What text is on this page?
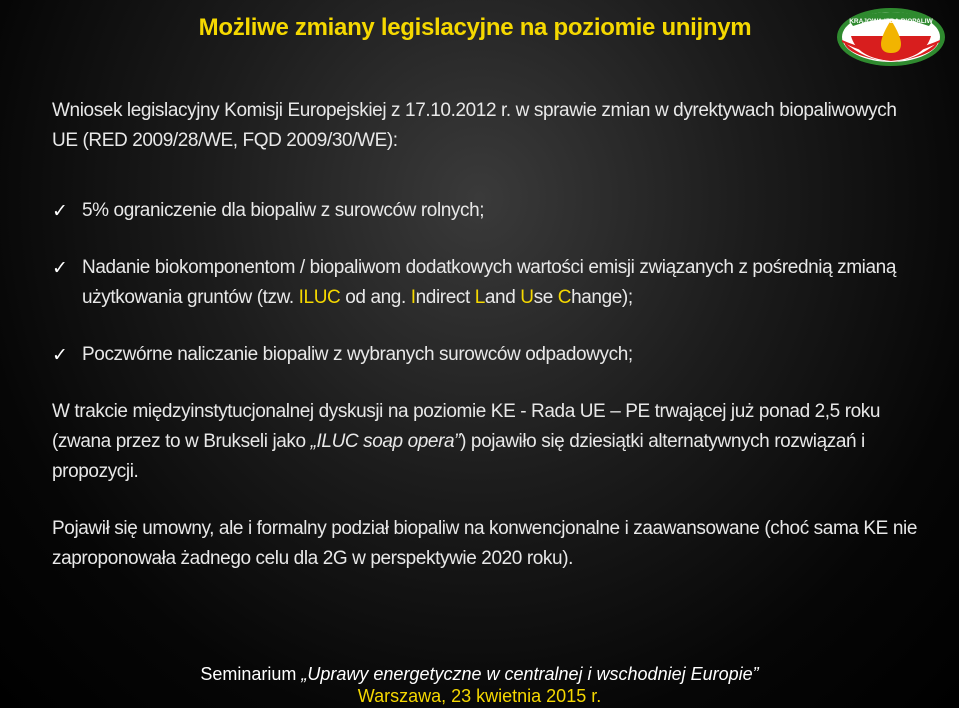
Możliwe zmiany legislacyjne na poziomie unijnym	KRAJOWA IZBA BIOPALIW

Wniosek legislacyjny Komisji Europejskiej z 17.10.2012 r. w sprawie zmian w dyrektywach biopaliwowych UE (RED 2009/28/WE, FQD 2009/30/WE):

✓ 5% ograniczenie dla biopaliw z surowców rolnych;

✓ Nadanie biokomponentom / biopaliwom dodatkowych wartości emisji związanych z pośrednią zmianą użytkowania gruntów (tzw. ILUC od ang. Indirect Land Use Change);

✓ Poczwórne naliczanie biopaliw z wybranych surowców odpadowych;

W trakcie międzyinstytucjonalnej dyskusji na poziomie KE - Rada UE – PE trwającej już ponad 2,5 roku (zwana przez to w Brukseli jako „ILUC soap opera”) pojawiło się dziesiątki alternatywnych rozwiązań i propozycji.

Pojawił się umowny, ale i formalny podział biopaliw na konwencjonalne i zaawansowane (choć sama KE nie zaproponowała żadnego celu dla 2G w perspektywie 2020 roku).

Seminarium „Uprawy energetyczne w centralnej i wschodniej Europie”
Warszawa, 23 kwietnia 2015 r.
